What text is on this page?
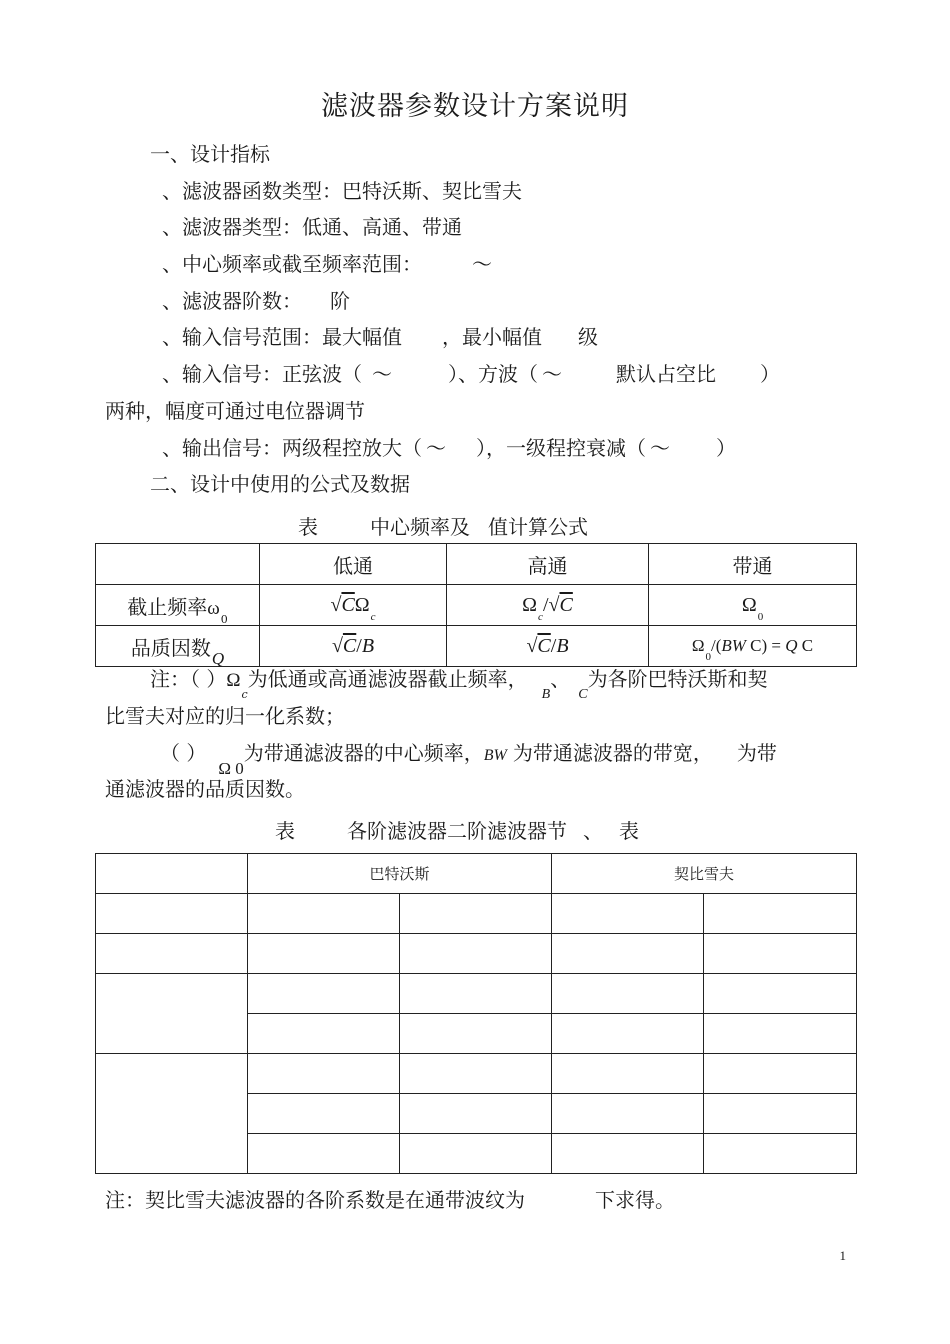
滤波器参数设计方案说明
一、设计指标
、滤波器函数类型：巴特沃斯、契比雪夫
、滤波器类型：低通、高通、带通
、中心频率或截至频率范围：	～
、滤波器阶数： 阶
、输入信号范围：最大幅值 ，最小幅值 级
、输入信号：正弦波（ ～	）、方波（ ～	默认占空比 ）
两种，幅度可通过电位器调节
、输出信号：两级程控放大（ ～ ），一级程控衰减（ ～ ）
二、设计中使用的公式及数据
表	中心频率及 值计算公式
	低通	高通	带通
截止频率$\omega_0$	$√C\Omega_c$	$\Omega_c/√C$	$\Omega_0$
品质因数$_Q$	√C/B	√C/B	$\Omega_0/(BW$ C) = Q C
注：（ ）$\Omega_c$为低通或高通滤波器截止频率，$_B$、$_C$为各阶巴特沃斯和契
比雪夫对应的归一化系数；
（ ）$_{\Omega 0}$为带通滤波器的中心频率，BW 为带通滤波器的带宽， 为带
通滤波器的品质因数。
表	各阶滤波器二阶滤波器节 、 表
	巴特沃斯		契比雪夫	

注：契比雪夫滤波器的各阶系数是在通带波纹为	下求得。
1
